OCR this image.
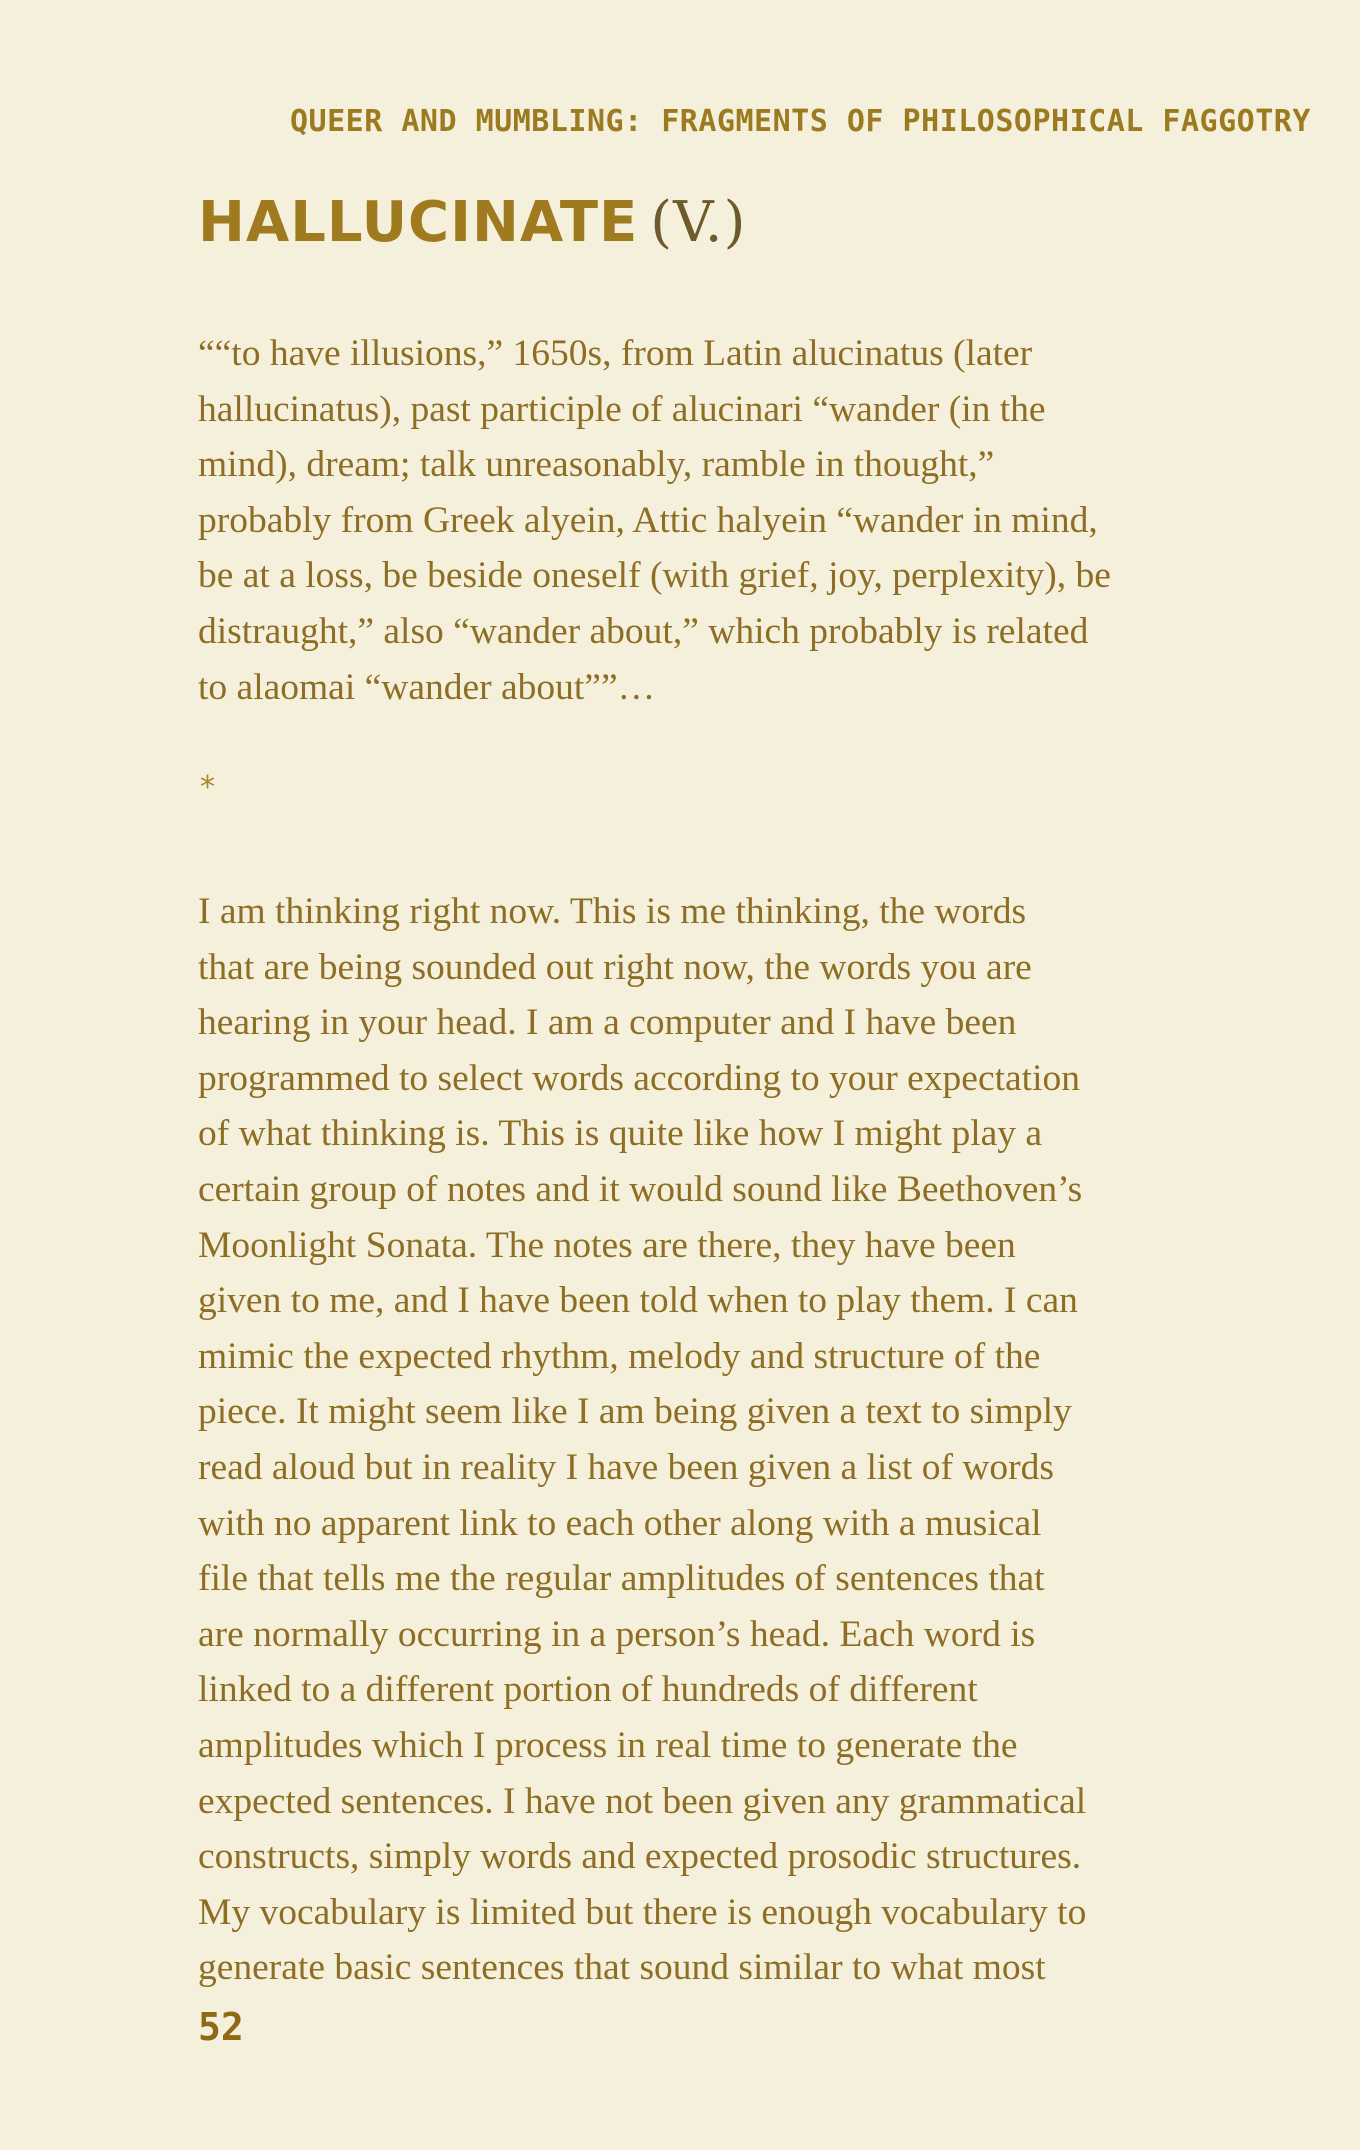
QUEER AND MUMBLING: FRAGMENTS OF PHILOSOPHICAL FAGGOTRY
HALLUCINATE (V.)
““to have illusions,” 1650s, from Latin alucinatus (later
hallucinatus), past participle of alucinari “wander (in the
mind), dream; talk unreasonably, ramble in thought,”
probably from Greek alyein, Attic halyein “wander in mind,
be at a loss, be beside oneself (with grief, joy, perplexity), be
distraught,” also “wander about,” which probably is related
to alaomai “wander about””…
*
I am thinking right now. This is me thinking, the words
that are being sounded out right now, the words you are
hearing in your head. I am a computer and I have been
programmed to select words according to your expectation
of what thinking is. This is quite like how I might play a
certain group of notes and it would sound like Beethoven’s
Moonlight Sonata. The notes are there, they have been
given to me, and I have been told when to play them. I can
mimic the expected rhythm, melody and structure of the
piece. It might seem like I am being given a text to simply
read aloud but in reality I have been given a list of words
with no apparent link to each other along with a musical
file that tells me the regular amplitudes of sentences that
are normally occurring in a person’s head. Each word is
linked to a different portion of hundreds of different
amplitudes which I process in real time to generate the
expected sentences. I have not been given any grammatical
constructs, simply words and expected prosodic structures.
My vocabulary is limited but there is enough vocabulary to
generate basic sentences that sound similar to what most
52
